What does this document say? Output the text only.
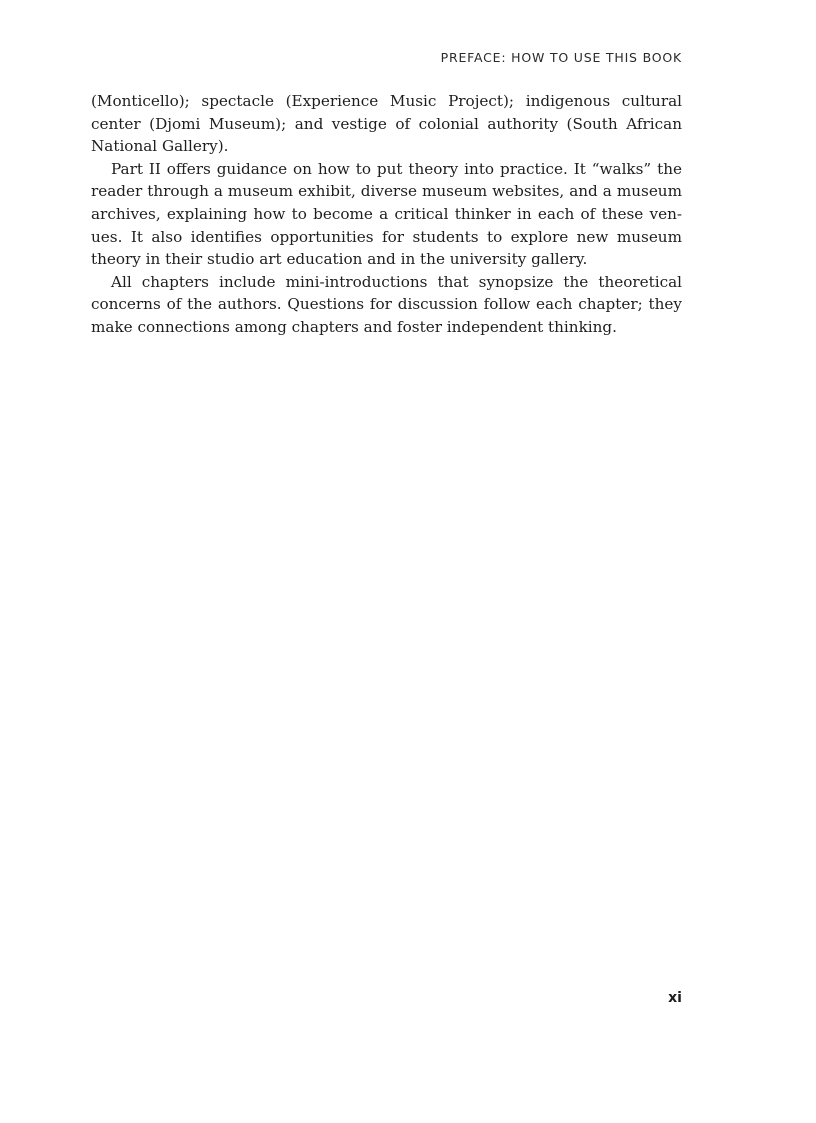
PREFACE: HOW TO USE THIS BOOK

(Monticello); spectacle (Experience Music Project); indigenous cultural center (Djomi Museum); and vestige of colonial authority (South African National Gallery).

Part II offers guidance on how to put theory into practice. It “walks” the reader through a museum exhibit, diverse museum websites, and a museum archives, explaining how to become a critical thinker in each of these venues. It also identifies opportunities for students to explore new museum theory in their studio art education and in the university gallery.

All chapters include mini-introductions that synopsize the theoretical concerns of the authors. Questions for discussion follow each chapter; they make connections among chapters and foster independent thinking.

xi
